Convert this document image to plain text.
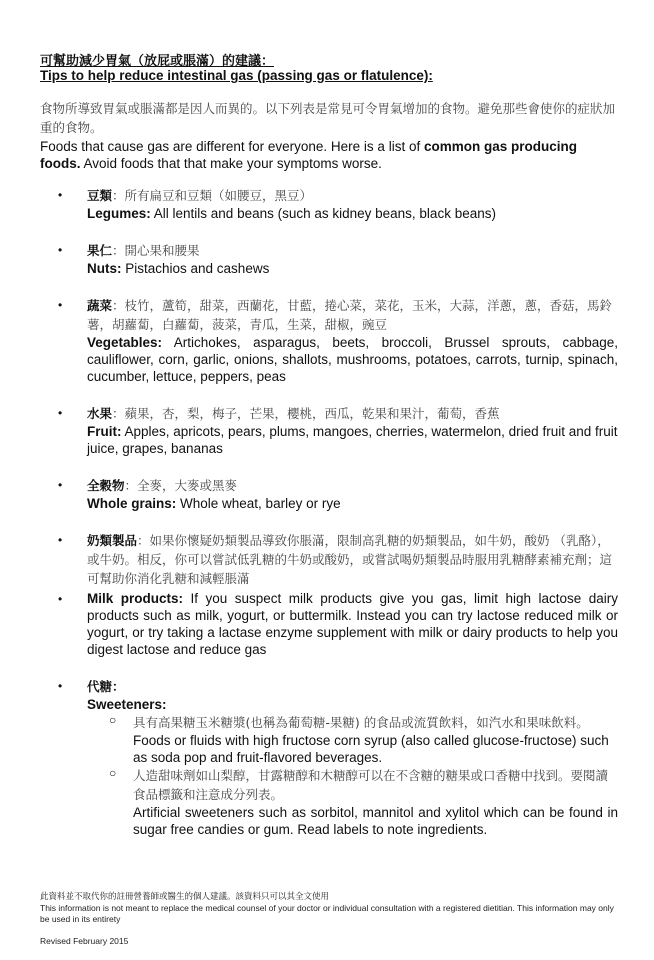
可幫助減少胃氣（放屁或脹滿）的建議：
Tips to help reduce intestinal gas (passing gas or flatulence):
食物所導致胃氣或脹滿都是因人而異的。以下列表是常見可令胃氣增加的食物。避免那些會使你的症狀加重的食物。
Foods that cause gas are different for everyone. Here is a list of common gas producing foods. Avoid foods that that make your symptoms worse.
• 豆類：所有扁豆和豆類（如腰豆，黑豆）
Legumes: All lentils and beans (such as kidney beans, black beans)
• 果仁：開心果和腰果
Nuts: Pistachios and cashews
• 蔬菜：枝竹，蘆筍，甜菜，西蘭花，甘藍，捲心菜，菜花，玉米，大蒜，洋蔥，蔥，香菇，馬鈴薯，胡蘿蔔，白蘿蔔，菠菜，青瓜，生菜，甜椒，豌豆
Vegetables: Artichokes, asparagus, beets, broccoli, Brussel sprouts, cabbage, cauliflower, corn, garlic, onions, shallots, mushrooms, potatoes, carrots, turnip, spinach, cucumber, lettuce, peppers, peas
• 水果：蘋果，杏，梨，梅子，芒果，櫻桃，西瓜，乾果和果汁，葡萄，香蕉
Fruit: Apples, apricots, pears, plums, mangoes, cherries, watermelon, dried fruit and fruit juice, grapes, bananas
• 全穀物：全麥，大麥或黑麥
Whole grains: Whole wheat, barley or rye
• 奶類製品：如果你懷疑奶類製品導致你脹滿，限制高乳糖的奶類製品，如牛奶，酸奶 （乳酪），或牛奶。相反，你可以嘗試低乳糖的牛奶或酸奶，或嘗試喝奶類製品時服用乳糖酵素補充劑；這可幫助你消化乳糖和減輕脹滿
• Milk products: If you suspect milk products give you gas, limit high lactose dairy products such as milk, yogurt, or buttermilk. Instead you can try lactose reduced milk or yogurt, or try taking a lactase enzyme supplement with milk or dairy products to help you digest lactose and reduce gas
• 代糖：
Sweeteners:
○ 具有高果糖玉米糖漿(也稱為葡萄糖-果糖) 的食品或流質飲料，如汽水和果味飲料。
Foods or fluids with high fructose corn syrup (also called glucose-fructose) such as soda pop and fruit-flavored beverages.
○ 人造甜味劑如山梨醇，甘露糖醇和木糖醇可以在不含糖的糖果或口香糖中找到。要閱讀食品標籤和注意成分列表。
Artificial sweeteners such as sorbitol, mannitol and xylitol which can be found in sugar free candies or gum. Read labels to note ingredients.
此資料並不取代你的註冊營養師或醫生的個人建議。該資料只可以其全文使用
This information is not meant to replace the medical counsel of your doctor or individual consultation with a registered dietitian. This information may only be used in its entirety
Revised February 2015
